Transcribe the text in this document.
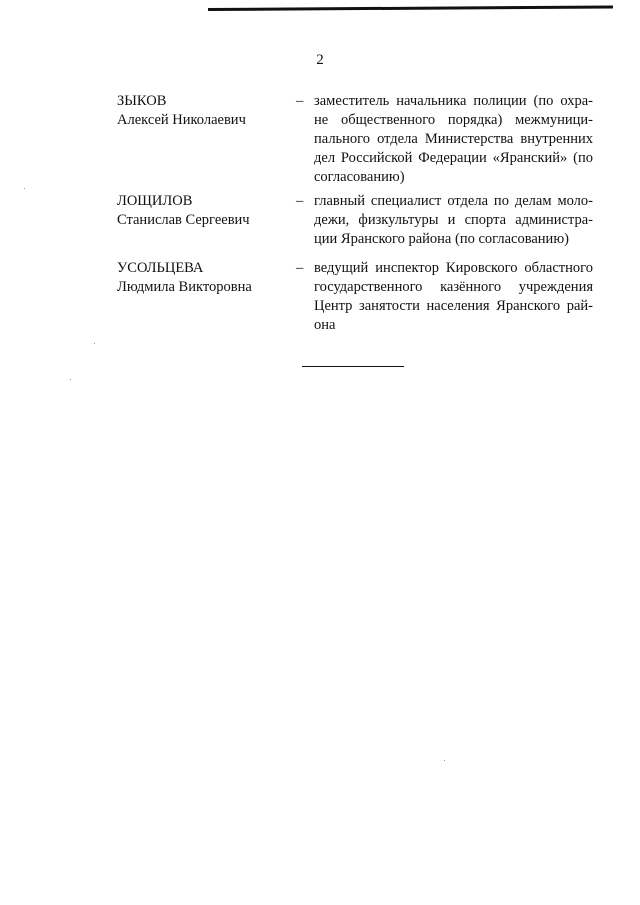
2
ЗЫКОВ
Алексей Николаевич
– заместитель начальника полиции (по охра-
не общественного порядка) межмуници-
пального отдела Министерства внутренних
дел Российской Федерации «Яранский» (по
согласованию)
ЛОЩИЛОВ
Станислав Сергеевич
– главный специалист отдела по делам моло-
дежи, физкультуры и спорта администра-
ции Яранского района (по согласованию)
УСОЛЬЦЕВА
Людмила Викторовна
– ведущий инспектор Кировского областного
государственного казённого учреждения
Центр занятости населения Яранского рай-
она
